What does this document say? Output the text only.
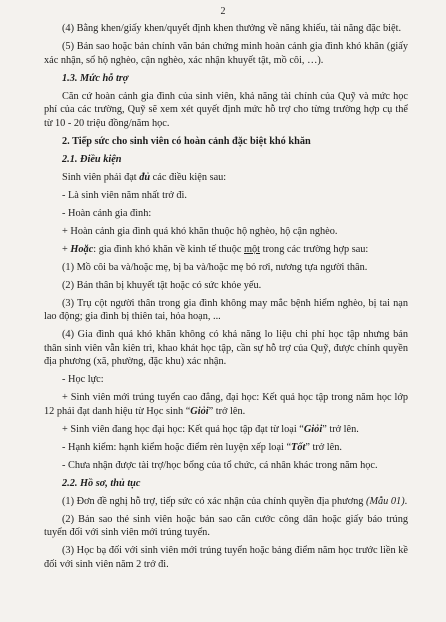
2

(4) Bằng khen/giấy khen/quyết định khen thưởng về năng khiếu, tài năng đặc biệt.

(5) Bản sao hoặc bản chính văn bản chứng minh hoàn cảnh gia đình khó khăn (giấy xác nhận, sổ hộ nghèo, cận nghèo, xác nhận khuyết tật, mồ côi, …).

1.3. Mức hỗ trợ

Căn cứ hoàn cảnh gia đình của sinh viên, khả năng tài chính của Quỹ và mức học phí của các trường, Quỹ sẽ xem xét quyết định mức hỗ trợ cho từng trường hợp cụ thể từ 10 - 20 triệu đồng/năm học.

2. Tiếp sức cho sinh viên có hoàn cảnh đặc biệt khó khăn

2.1. Điều kiện

Sinh viên phải đạt đủ các điều kiện sau:

- Là sinh viên năm nhất trở đi.

- Hoàn cảnh gia đình:

+ Hoàn cảnh gia đình quá khó khăn thuộc hộ nghèo, hộ cận nghèo.

+ Hoặc: gia đình khó khăn về kinh tế thuộc một trong các trường hợp sau:

(1) Mồ côi ba và/hoặc mẹ, bị ba và/hoặc mẹ bỏ rơi, nương tựa người thân.

(2) Bản thân bị khuyết tật hoặc có sức khỏe yếu.

(3) Trụ cột người thân trong gia đình không may mắc bệnh hiểm nghèo, bị tai nạn lao động; gia đình bị thiên tai, hỏa hoạn, ...

(4) Gia đình quá khó khăn không có khả năng lo liệu chi phí học tập nhưng bản thân sinh viên vẫn kiên trì, khao khát học tập, cần sự hỗ trợ của Quỹ, được chính quyền địa phương (xã, phường, đặc khu) xác nhận.

- Học lực:

+ Sinh viên mới trúng tuyển cao đẳng, đại học: Kết quả học tập trong năm học lớp 12 phải đạt danh hiệu từ Học sinh “Giỏi” trở lên.

+ Sinh viên đang học đại học: Kết quả học tập đạt từ loại “Giỏi” trở lên.

- Hạnh kiểm: hạnh kiểm hoặc điểm rèn luyện xếp loại “Tốt” trở lên.

- Chưa nhận được tài trợ/học bổng của tổ chức, cá nhân khác trong năm học.

2.2. Hồ sơ, thủ tục

(1) Đơn đề nghị hỗ trợ, tiếp sức có xác nhận của chính quyền địa phương (Mẫu 01).

(2) Bản sao thẻ sinh viên hoặc bản sao căn cước công dân hoặc giấy báo trúng tuyển đối với sinh viên mới trúng tuyển.

(3) Học bạ đối với sinh viên mới trúng tuyển hoặc bảng điểm năm học trước liền kề đối với sinh viên năm 2 trở đi.
